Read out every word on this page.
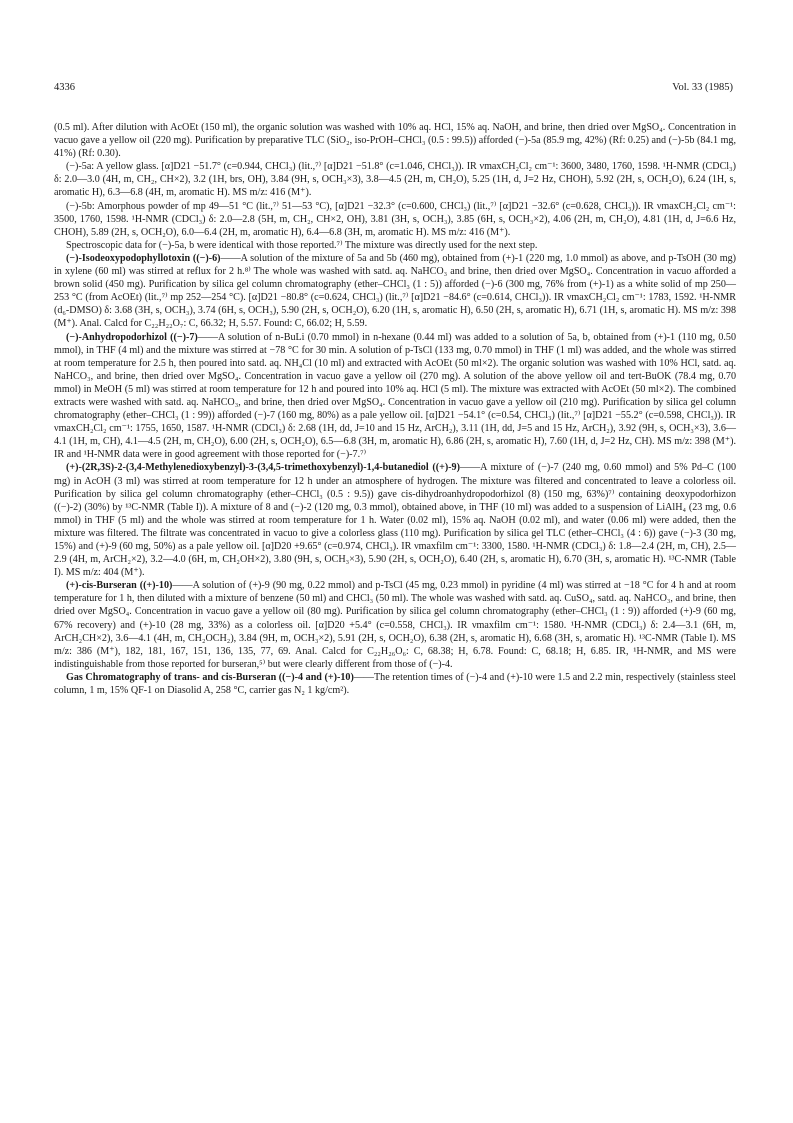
4336	Vol. 33 (1985)

(0.5 ml). After dilution with AcOEt (150 ml), the organic solution was washed with 10% aq. HCl, 15% aq. NaOH, and brine, then dried over MgSO₄. Concentration in vacuo gave a yellow oil (220 mg). Purification by preparative TLC (SiO₂, iso-PrOH–CHCl₃ (0.5 : 99.5)) afforded (−)-5a (85.9 mg, 42%) (Rf: 0.25) and (−)-5b (84.1 mg, 41%) (Rf: 0.30).

(−)-5a: A yellow glass. [α]D21 −51.7° (c=0.944, CHCl₃) (lit.,⁷⁾ [α]D21 −51.8° (c=1.046, CHCl₃)). IR νmaxCH₂Cl₂ cm⁻¹: 3600, 3480, 1760, 1598. ¹H-NMR (CDCl₃) δ: 2.0—3.0 (4H, m, CH₂, CH×2), 3.2 (1H, brs, OH), 3.84 (9H, s, OCH₃×3), 3.8—4.5 (2H, m, CH₂O), 5.25 (1H, d, J=2 Hz, CHOH), 5.92 (2H, s, OCH₂O), 6.24 (1H, s, aromatic H), 6.3—6.8 (4H, m, aromatic H). MS m/z: 416 (M⁺).

(−)-5b: Amorphous powder of mp 49—51 °C (lit.,⁷⁾ 51—53 °C), [α]D21 −32.3° (c=0.600, CHCl₃) (lit.,⁷⁾ [α]D21 −32.6° (c=0.628, CHCl₃)). IR νmaxCH₂Cl₂ cm⁻¹: 3500, 1760, 1598. ¹H-NMR (CDCl₃) δ: 2.0—2.8 (5H, m, CH₂, CH×2, OH), 3.81 (3H, s, OCH₃), 3.85 (6H, s, OCH₃×2), 4.06 (2H, m, CH₂O), 4.81 (1H, d, J=6.6 Hz, CHOH), 5.89 (2H, s, OCH₂O), 6.0—6.4 (2H, m, aromatic H), 6.4—6.8 (3H, m, aromatic H). MS m/z: 416 (M⁺).

Spectroscopic data for (−)-5a, b were identical with those reported.⁷⁾ The mixture was directly used for the next step.

(−)-Isodeoxypodophyllotoxin ((−)-6)——A solution of the mixture of 5a and 5b (460 mg), obtained from (+)-1 (220 mg, 1.0 mmol) as above, and p-TsOH (30 mg) in xylene (60 ml) was stirred at reflux for 2 h.⁸⁾ The whole was washed with satd. aq. NaHCO₃ and brine, then dried over MgSO₄. Concentration in vacuo afforded a brown solid (450 mg). Purification by silica gel column chromatography (ether–CHCl₃ (1 : 5)) afforded (−)-6 (300 mg, 76% from (+)-1) as a white solid of mp 250—253 °C (from AcOEt) (lit.,⁷⁾ mp 252—254 °C). [α]D21 −80.8° (c=0.624, CHCl₃) (lit.,⁷⁾ [α]D21 −84.6° (c=0.614, CHCl₃)). IR νmaxCH₂Cl₂ cm⁻¹: 1783, 1592. ¹H-NMR (d₆-DMSO) δ: 3.68 (3H, s, OCH₃), 3.74 (6H, s, OCH₃), 5.90 (2H, s, OCH₂O), 6.20 (1H, s, aromatic H), 6.50 (2H, s, aromatic H), 6.71 (1H, s, aromatic H). MS m/z: 398 (M⁺). Anal. Calcd for C₂₂H₂₂O₇: C, 66.32; H, 5.57. Found: C, 66.02; H, 5.59.

(−)-Anhydropodorhizol ((−)-7)——A solution of n-BuLi (0.70 mmol) in n-hexane (0.44 ml) was added to a solution of 5a, b, obtained from (+)-1 (110 mg, 0.50 mmol), in THF (4 ml) and the mixture was stirred at −78 °C for 30 min. A solution of p-TsCl (133 mg, 0.70 mmol) in THF (1 ml) was added, and the whole was stirred at room temperature for 2.5 h, then poured into satd. aq. NH₄Cl (10 ml) and extracted with AcOEt (50 ml×2). The organic solution was washed with 10% HCl, satd. aq. NaHCO₃, and brine, then dried over MgSO₄. Concentration in vacuo gave a yellow oil (270 mg). A solution of the above yellow oil and tert-BuOK (78.4 mg, 0.70 mmol) in MeOH (5 ml) was stirred at room temperature for 12 h and poured into 10% aq. HCl (5 ml). The mixture was extracted with AcOEt (50 ml×2). The combined extracts were washed with satd. aq. NaHCO₃, and brine, then dried over MgSO₄. Concentration in vacuo gave a yellow oil (210 mg). Purification by silica gel column chromatography (ether–CHCl₃ (1 : 99)) afforded (−)-7 (160 mg, 80%) as a pale yellow oil. [α]D21 −54.1° (c=0.54, CHCl₃) (lit.,⁷⁾ [α]D21 −55.2° (c=0.598, CHCl₃)). IR νmaxCH₂Cl₂ cm⁻¹: 1755, 1650, 1587. ¹H-NMR (CDCl₃) δ: 2.68 (1H, dd, J=10 and 15 Hz, ArCH₂), 3.11 (1H, dd, J=5 and 15 Hz, ArCH₂), 3.92 (9H, s, OCH₃×3), 3.6—4.1 (1H, m, CH), 4.1—4.5 (2H, m, CH₂O), 6.00 (2H, s, OCH₂O), 6.5—6.8 (3H, m, aromatic H), 6.86 (2H, s, aromatic H), 7.60 (1H, d, J=2 Hz, CH). MS m/z: 398 (M⁺). IR and ¹H-NMR data were in good agreement with those reported for (−)-7.⁷⁾

(+)-(2R,3S)-2-(3,4-Methylenedioxybenzyl)-3-(3,4,5-trimethoxybenzyl)-1,4-butanediol ((+)-9)——A mixture of (−)-7 (240 mg, 0.60 mmol) and 5% Pd–C (100 mg) in AcOH (3 ml) was stirred at room temperature for 12 h under an atmosphere of hydrogen. The mixture was filtered and concentrated to leave a colorless oil. Purification by silica gel column chromatography (ether–CHCl₃ (0.5 : 9.5)) gave cis-dihydroanhydropodorhizol (8) (150 mg, 63%)⁷⁾ containing deoxypodorhizon ((−)-2) (30%) by ¹³C-NMR (Table I)). A mixture of 8 and (−)-2 (120 mg, 0.3 mmol), obtained above, in THF (10 ml) was added to a suspension of LiAlH₄ (23 mg, 0.6 mmol) in THF (5 ml) and the whole was stirred at room temperature for 1 h. Water (0.02 ml), 15% aq. NaOH (0.02 ml), and water (0.06 ml) were added, then the mixture was filtered. The filtrate was concentrated in vacuo to give a colorless glass (110 mg). Purification by silica gel TLC (ether–CHCl₃ (4 : 6)) gave (−)-3 (30 mg, 15%) and (+)-9 (60 mg, 50%) as a pale yellow oil. [α]D20 +9.65° (c=0.974, CHCl₃). IR νmaxfilm cm⁻¹: 3300, 1580. ¹H-NMR (CDCl₃) δ: 1.8—2.4 (2H, m, CH), 2.5—2.9 (4H, m, ArCH₂×2), 3.2—4.0 (6H, m, CH₂OH×2), 3.80 (9H, s, OCH₃×3), 5.90 (2H, s, OCH₂O), 6.40 (2H, s, aromatic H), 6.70 (3H, s, aromatic H). ¹³C-NMR (Table I). MS m/z: 404 (M⁺).

(+)-cis-Burseran ((+)-10)——A solution of (+)-9 (90 mg, 0.22 mmol) and p-TsCl (45 mg, 0.23 mmol) in pyridine (4 ml) was stirred at −18 °C for 4 h and at room temperature for 1 h, then diluted with a mixture of benzene (50 ml) and CHCl₃ (50 ml). The whole was washed with satd. aq. CuSO₄, satd. aq. NaHCO₃, and brine, then dried over MgSO₄. Concentration in vacuo gave a yellow oil (80 mg). Purification by silica gel column chromatography (ether–CHCl₃ (1 : 9)) afforded (+)-9 (60 mg, 67% recovery) and (+)-10 (28 mg, 33%) as a colorless oil. [α]D20 +5.4° (c=0.558, CHCl₃). IR νmaxfilm cm⁻¹: 1580. ¹H-NMR (CDCl₃) δ: 2.4—3.1 (6H, m, ArCH₂CH×2), 3.6—4.1 (4H, m, CH₂OCH₂), 3.84 (9H, m, OCH₃×2), 5.91 (2H, s, OCH₂O), 6.38 (2H, s, aromatic H), 6.68 (3H, s, aromatic H). ¹³C-NMR (Table I). MS m/z: 386 (M⁺), 182, 181, 167, 151, 136, 135, 77, 69. Anal. Calcd for C₂₂H₂₆O₆: C, 68.38; H, 6.78. Found: C, 68.18; H, 6.85. IR, ¹H-NMR, and MS were indistinguishable from those reported for burseran,⁵⁾ but were clearly different from those of (−)-4.

Gas Chromatography of trans- and cis-Burseran ((−)-4 and (+)-10)——The retention times of (−)-4 and (+)-10 were 1.5 and 2.2 min, respectively (stainless steel column, 1 m, 15% QF-1 on Diasolid A, 258 °C, carrier gas N₂ 1 kg/cm²).
